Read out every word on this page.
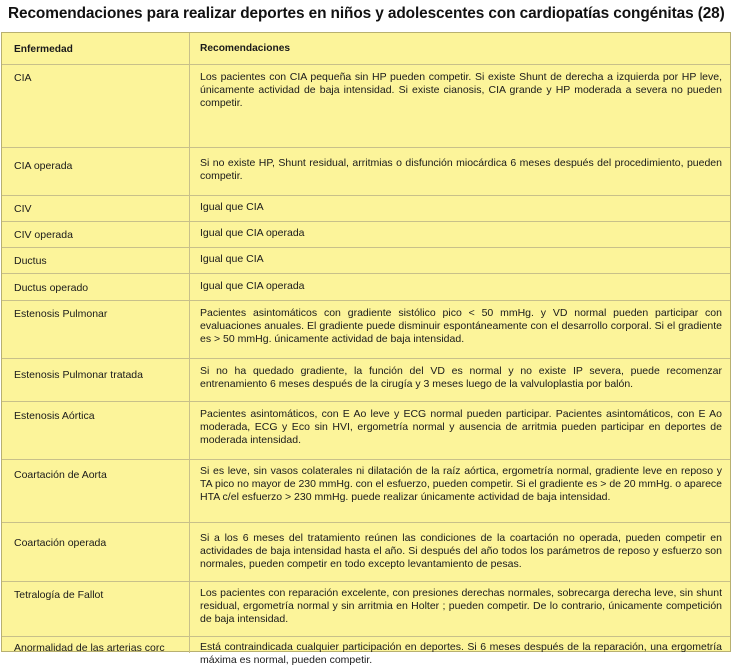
Recomendaciones para realizar deportes en niños y adolescentes con cardiopatías congénitas (28)
Enfermedad	Recomendaciones
CIA	Los pacientes con CIA pequeña sin HP pueden competir. Si existe Shunt de derecha a izquierda por HP leve, únicamente actividad de baja intensidad. Si existe cianosis, CIA grande y HP moderada a severa no pueden competir.
CIA operada	Si no existe HP, Shunt residual, arritmias o disfunción miocárdica 6 meses después del procedimiento, pueden competir.
CIV	Igual que CIA
CIV operada	Igual que CIA operada
Ductus	Igual que CIA
Ductus operado	Igual que CIA operada
Estenosis Pulmonar	Pacientes asintomáticos con gradiente sistólico pico < 50 mmHg. y VD normal pueden participar con evaluaciones anuales. El gradiente puede disminuir espontáneamente con el desarrollo corporal. Si el gradiente es > 50 mmHg. únicamente actividad de baja intensidad.
Estenosis Pulmonar tratada	Si no ha quedado gradiente, la función del VD es normal y no existe IP severa, puede recomenzar entrenamiento 6 meses después de la cirugía y 3 meses luego de la valvuloplastia por balón.
Estenosis Aórtica	Pacientes asintomáticos, con E Ao leve y ECG normal pueden participar. Pacientes asintomáticos, con E Ao moderada, ECG y Eco sin HVI, ergometría normal y ausencia de arritmia pueden participar en deportes de moderada intensidad.
Coartación de Aorta	Si es leve, sin vasos colaterales ni dilatación de la raíz aórtica, ergometría normal, gradiente leve en reposo y TA pico no mayor de 230 mmHg. con el esfuerzo, pueden competir. Si el gradiente es > de 20 mmHg. o aparece HTA c/el esfuerzo > 230 mmHg. puede realizar únicamente actividad de baja intensidad.
Coartación operada	Si a los 6 meses del tratamiento reúnen las condiciones de la coartación no operada, pueden competir en actividades de baja intensidad hasta el año. Si después del año todos los parámetros de reposo y esfuerzo son normales, pueden competir en todo excepto levantamiento de pesas.
Tetralogía de Fallot	Los pacientes con reparación excelente, con presiones derechas normales, sobrecarga derecha leve, sin shunt residual, ergometría normal y sin arritmia en Holter ; pueden competir. De lo contrario, únicamente competición de baja intensidad.
Anormalidad de las arterias corc	Está contraindicada cualquier participación en deportes. Si 6 meses después de la reparación, una ergometría máxima es normal, pueden competir.
